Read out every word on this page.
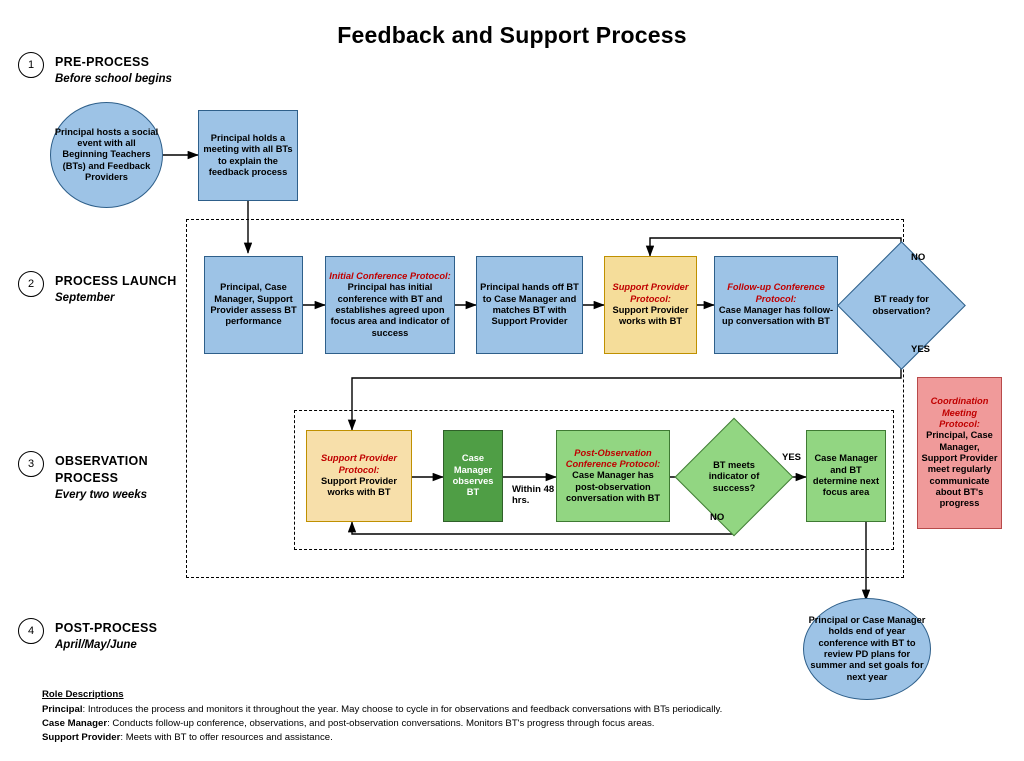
Feedback and Support Process
1	PRE-PROCESS
Before school begins
2	PROCESS LAUNCH
September
3	OBSERVATION
PROCESS
Every two weeks
4	POST-PROCESS
April/May/June
Principal hosts a social event with all Beginning Teachers (BTs) and Feedback Providers
Principal holds a meeting with all BTs to explain the feedback process
Principal, Case Manager, Support Provider assess BT performance
Initial Conference Protocol:
Principal has initial conference with BT and establishes agreed upon focus area and indicator of success
Principal hands off BT to Case Manager and matches BT with Support Provider
Support Provider Protocol:
Support Provider works with BT
Follow-up Conference Protocol:
Case Manager has follow-up conversation with BT
BT ready for observation?
NO
YES
Support Provider Protocol:
Support Provider works with BT
Case Manager observes BT	Within 48 hrs.
Post-Observation Conference Protocol:
Case Manager has post-observation conversation with BT
BT meets indicator of success?
YES
NO
Case Manager and BT determine next focus area
Coordination Meeting Protocol:
Principal, Case Manager, Support Provider meet regularly communicate about BT's progress
Principal or Case Manager holds end of year conference with BT to review PD plans for summer and set goals for next year
Role Descriptions
Principal: Introduces the process and monitors it throughout the year. May choose to cycle in for observations and feedback conversations with BTs periodically.
Case Manager: Conducts follow-up conference, observations, and post-observation conversations. Monitors BT's progress through focus areas.
Support Provider: Meets with BT to offer resources and assistance.
